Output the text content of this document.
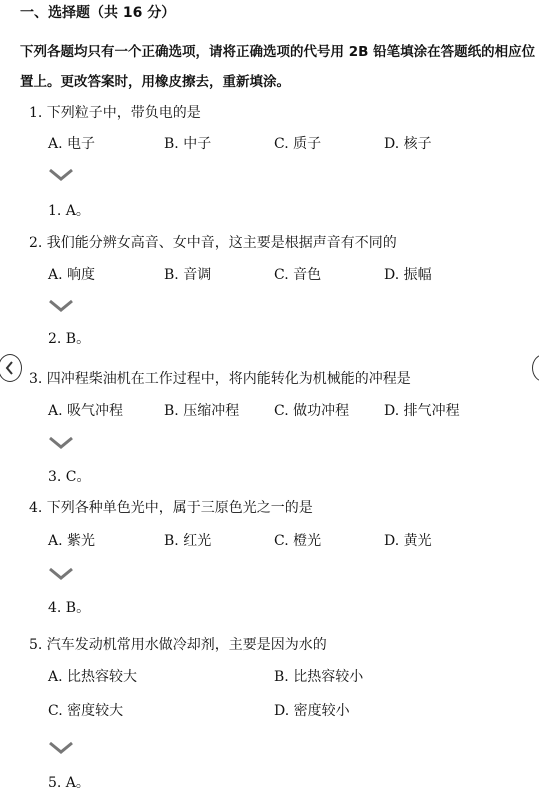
一、选择题（共 16 分）
下列各题均只有一个正确选项，请将正确选项的代号用 2B 铅笔填涂在答题纸的相应位
置上。更改答案时，用橡皮擦去，重新填涂。
1. 下列粒子中，带负电的是
A. 电子	B. 中子	C. 质子	D. 核子
1. A。
2. 我们能分辨女高音、女中音，这主要是根据声音有不同的
A. 响度	B. 音调	C. 音色	D. 振幅
2. B。
3. 四冲程柴油机在工作过程中，将内能转化为机械能的冲程是
A. 吸气冲程	B. 压缩冲程 C. 做功冲程 D. 排气冲程
3. C。
4. 下列各种单色光中，属于三原色光之一的是
A. 紫光	B. 红光	C. 橙光	D. 黄光
4. B。
5. 汽车发动机常用水做冷却剂，主要是因为水的
A. 比热容较大	B. 比热容较小
C. 密度较大	D. 密度较小
5. A。
